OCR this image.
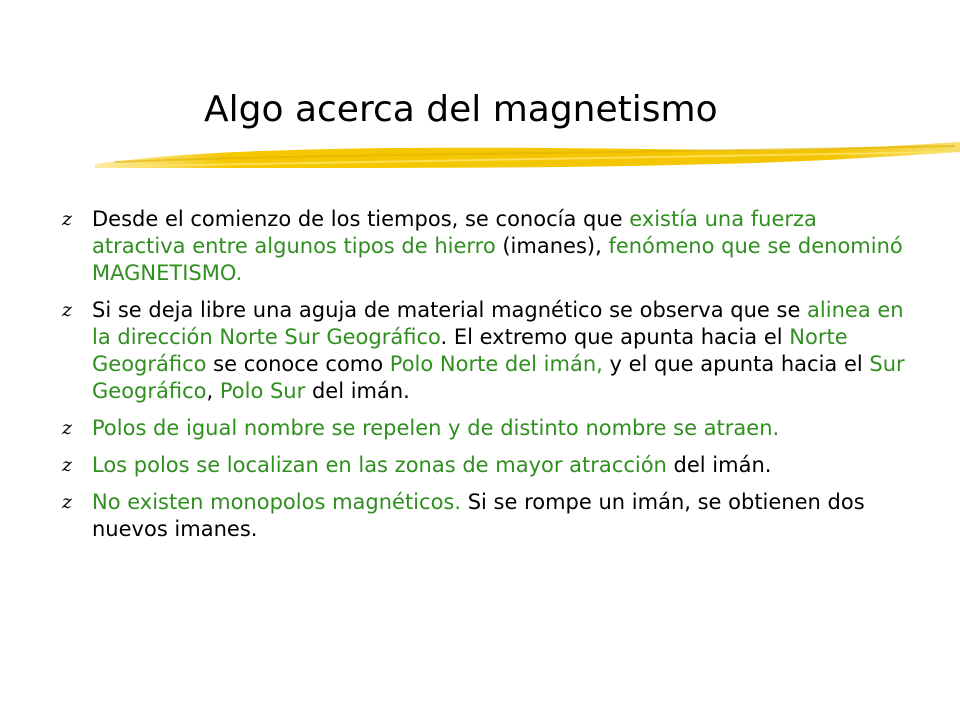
Algo acerca del magnetismo
z Desde el comienzo de los tiempos, se conocía que existía una fuerza atractiva entre algunos tipos de hierro (imanes), fenómeno que se denominó MAGNETISMO.
z Si se deja libre una aguja de material magnético se observa que se alinea en la dirección Norte Sur Geográfico. El extremo que apunta hacia el Norte Geográfico se conoce como Polo Norte del imán, y el que apunta hacia el Sur Geográfico, Polo Sur del imán.
z Polos de igual nombre se repelen y de distinto nombre se atraen.
z Los polos se localizan en las zonas de mayor atracción del imán.
z No existen monopolos magnéticos. Si se rompe un imán, se obtienen dos nuevos imanes.
